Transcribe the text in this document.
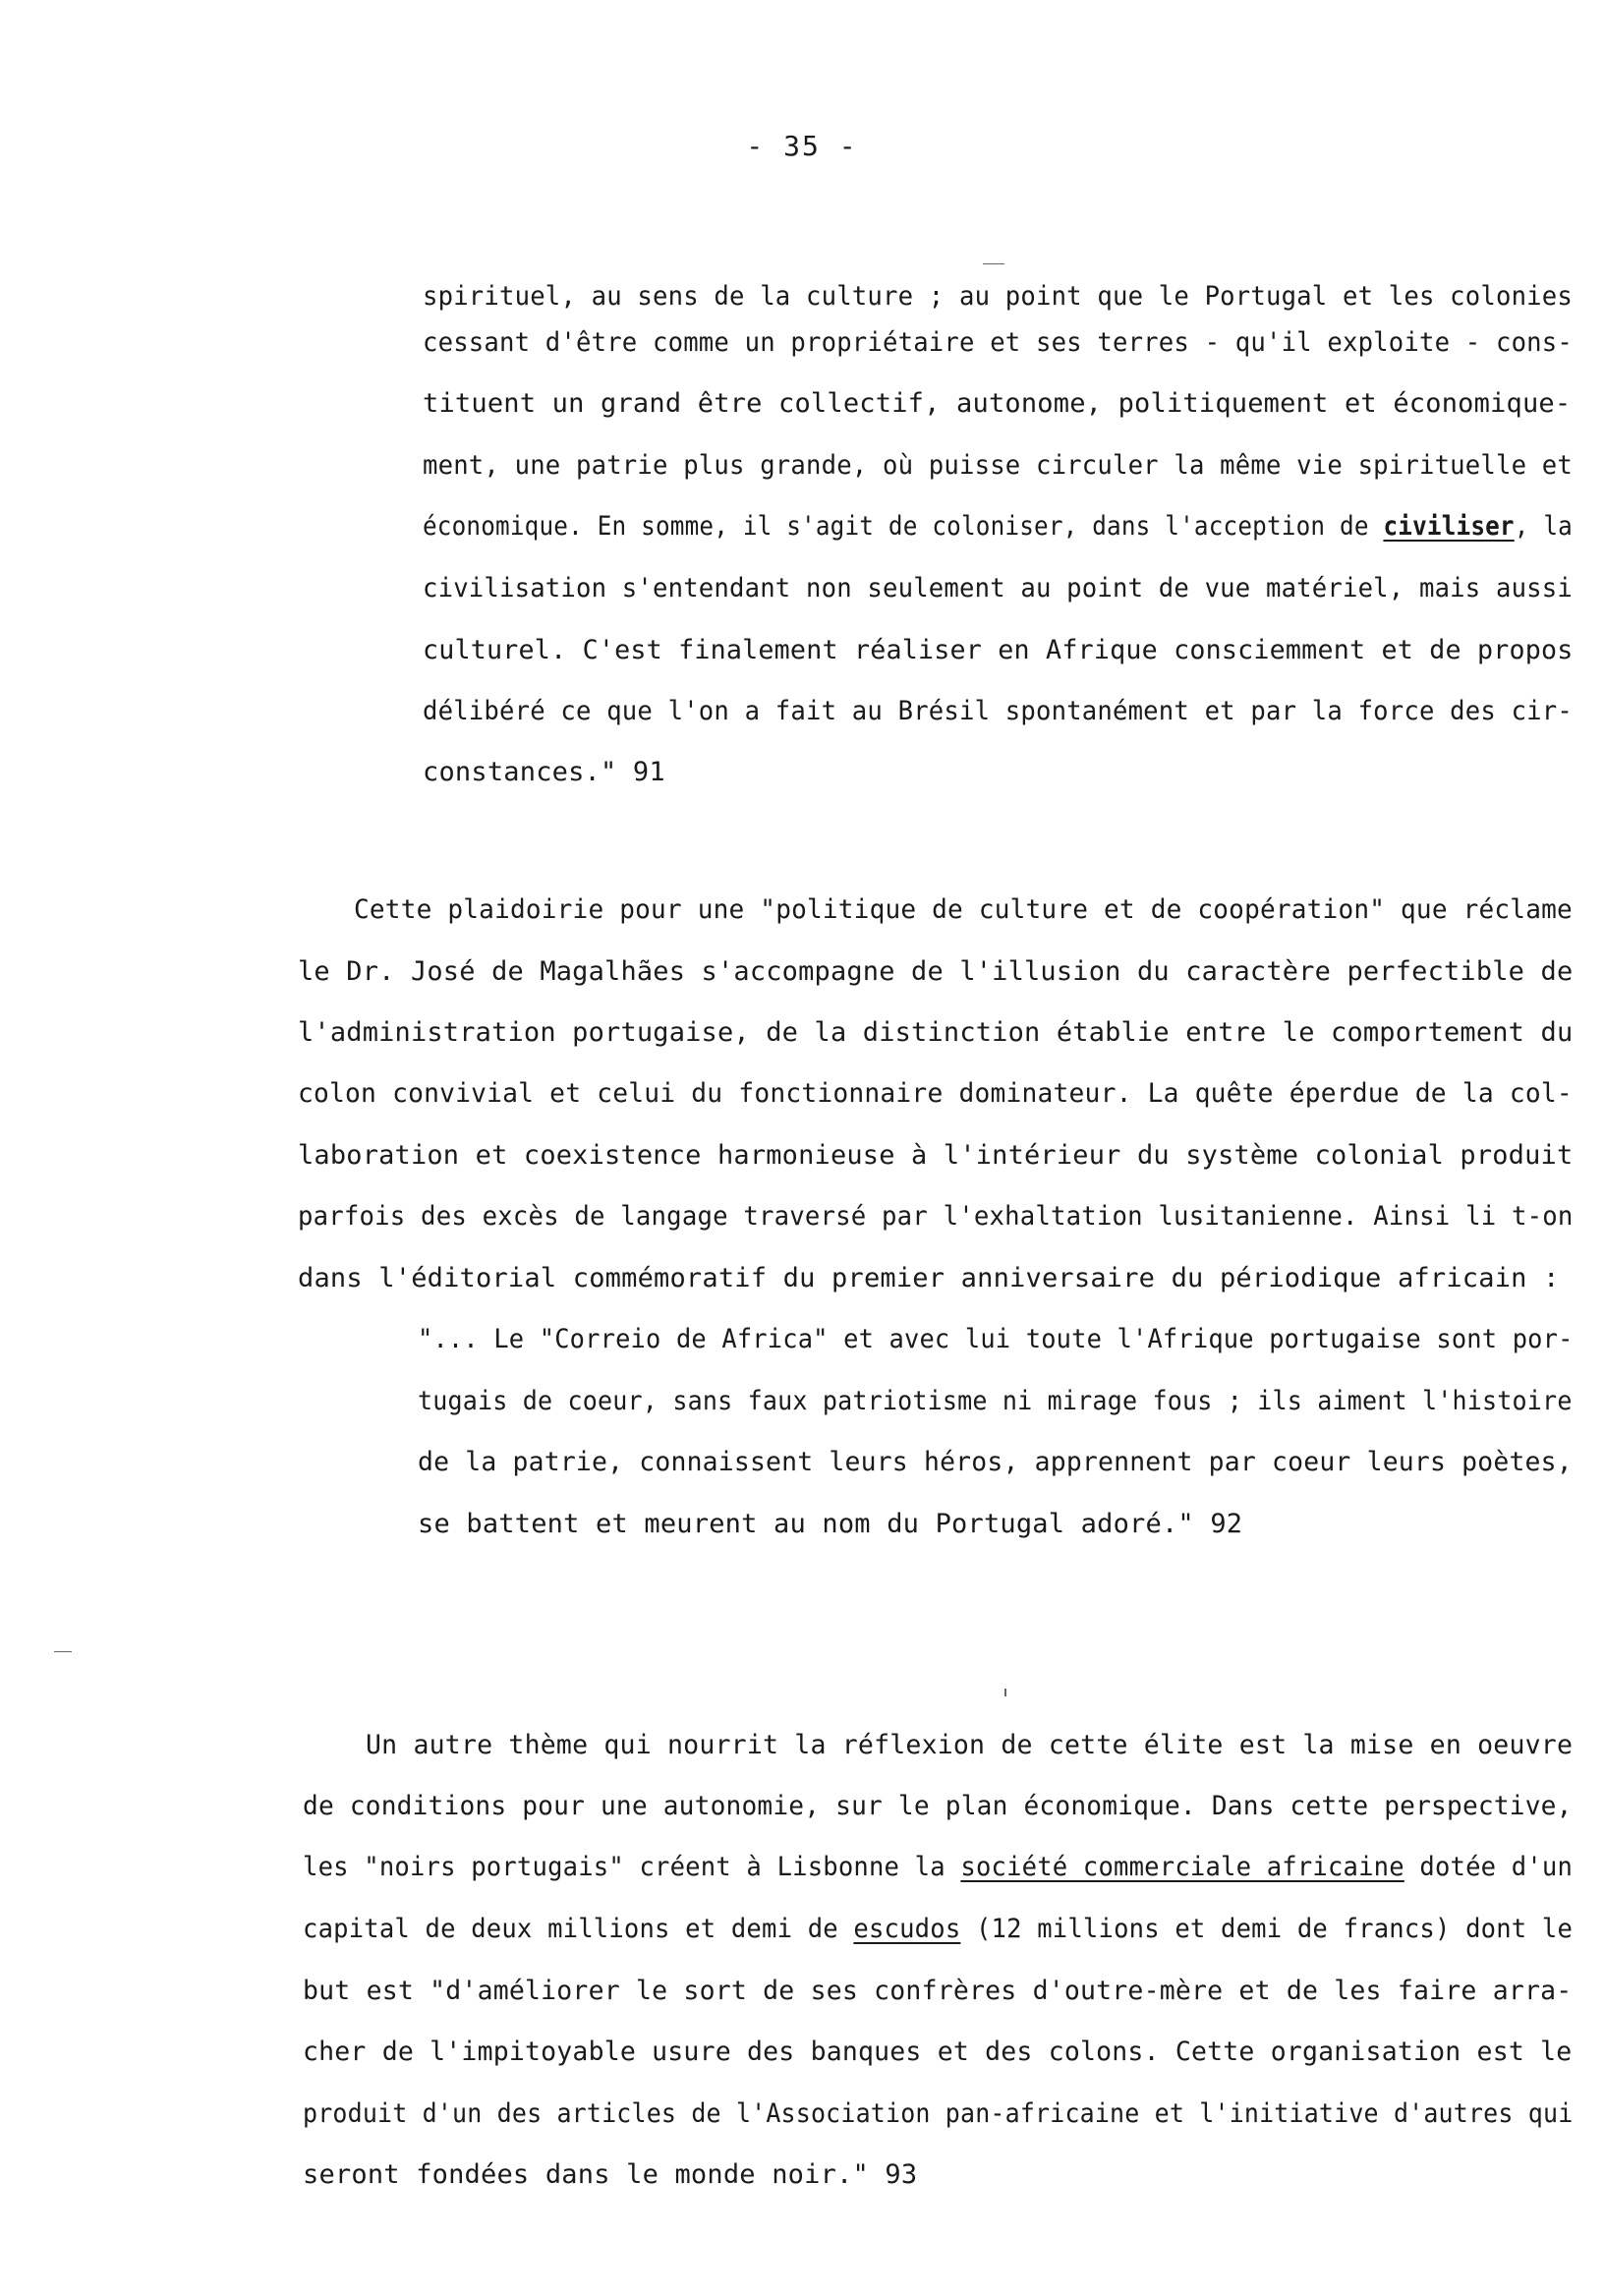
- 35 -
spirituel, au sens de la culture ; au point que le Portugal et les colonies
cessant d'être comme un propriétaire et ses terres - qu'il exploite - cons-
tituent un grand être collectif, autonome, politiquement et économique-
ment, une patrie plus grande, où puisse circuler la même vie spirituelle et
économique. En somme, il s'agit de coloniser, dans l'acception de civiliser, la
civilisation s'entendant non seulement au point de vue matériel, mais aussi
culturel. C'est finalement réaliser en Afrique consciemment et de propos
délibéré ce que l'on a fait au Brésil spontanément et par la force des cir-
constances." 91
Cette plaidoirie pour une "politique de culture et de coopération" que réclame
le Dr. José de Magalhães s'accompagne de l'illusion du caractère perfectible de
l'administration portugaise, de la distinction établie entre le comportement du
colon convivial et celui du fonctionnaire dominateur. La quête éperdue de la col-
laboration et coexistence harmonieuse à l'intérieur du système colonial produit
parfois des excès de langage traversé par l'exhaltation lusitanienne. Ainsi li t-on
dans l'éditorial commémoratif du premier anniversaire du périodique africain :
"... Le "Correio de Africa" et avec lui toute l'Afrique portugaise sont por-
tugais de coeur, sans faux patriotisme ni mirage fous ; ils aiment l'histoire
de la patrie, connaissent leurs héros, apprennent par coeur leurs poètes,
se battent et meurent au nom du Portugal adoré." 92
Un autre thème qui nourrit la réflexion de cette élite est la mise en oeuvre
de conditions pour une autonomie, sur le plan économique. Dans cette perspective,
les "noirs portugais" créent à Lisbonne la société commerciale africaine dotée d'un
capital de deux millions et demi de escudos (12 millions et demi de francs) dont le
but est "d'améliorer le sort de ses confrères d'outre-mère et de les faire arra-
cher de l'impitoyable usure des banques et des colons. Cette organisation est le
produit d'un des articles de l'Association pan-africaine et l'initiative d'autres qui
seront fondées dans le monde noir." 93
